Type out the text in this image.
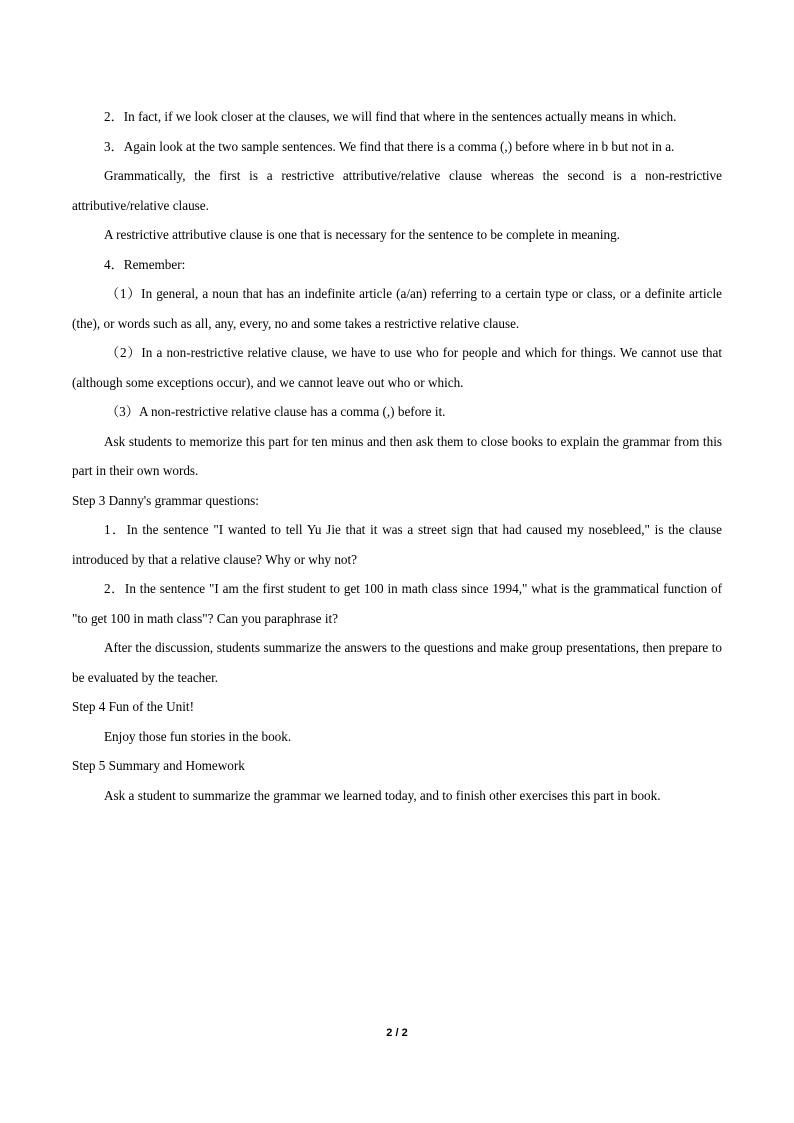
2．In fact, if we look closer at the clauses, we will find that where in the sentences actually means in which.

3．Again look at the two sample sentences. We find that there is a comma (,) before where in b but not in a.

Grammatically, the first is a restrictive attributive/relative clause whereas the second is a non-restrictive attributive/relative clause.

A restrictive attributive clause is one that is necessary for the sentence to be complete in meaning.

4．Remember:

（1）In general, a noun that has an indefinite article (a/an) referring to a certain type or class, or a definite article (the), or words such as all, any, every, no and some takes a restrictive relative clause.

（2）In a non-restrictive relative clause, we have to use who for people and which for things. We cannot use that (although some exceptions occur), and we cannot leave out who or which.

（3）A non-restrictive relative clause has a comma (,) before it.

Ask students to memorize this part for ten minus and then ask them to close books to explain the grammar from this part in their own words.

Step 3 Danny's grammar questions:

1．In the sentence "I wanted to tell Yu Jie that it was a street sign that had caused my nosebleed," is the clause introduced by that a relative clause? Why or why not?

2．In the sentence "I am the first student to get 100 in math class since 1994," what is the grammatical function of "to get 100 in math class"? Can you paraphrase it?

After the discussion, students summarize the answers to the questions and make group presentations, then prepare to be evaluated by the teacher.

Step 4 Fun of the Unit!

Enjoy those fun stories in the book.

Step 5 Summary and Homework

Ask a student to summarize the grammar we learned today, and to finish other exercises this part in book.

2 / 2
